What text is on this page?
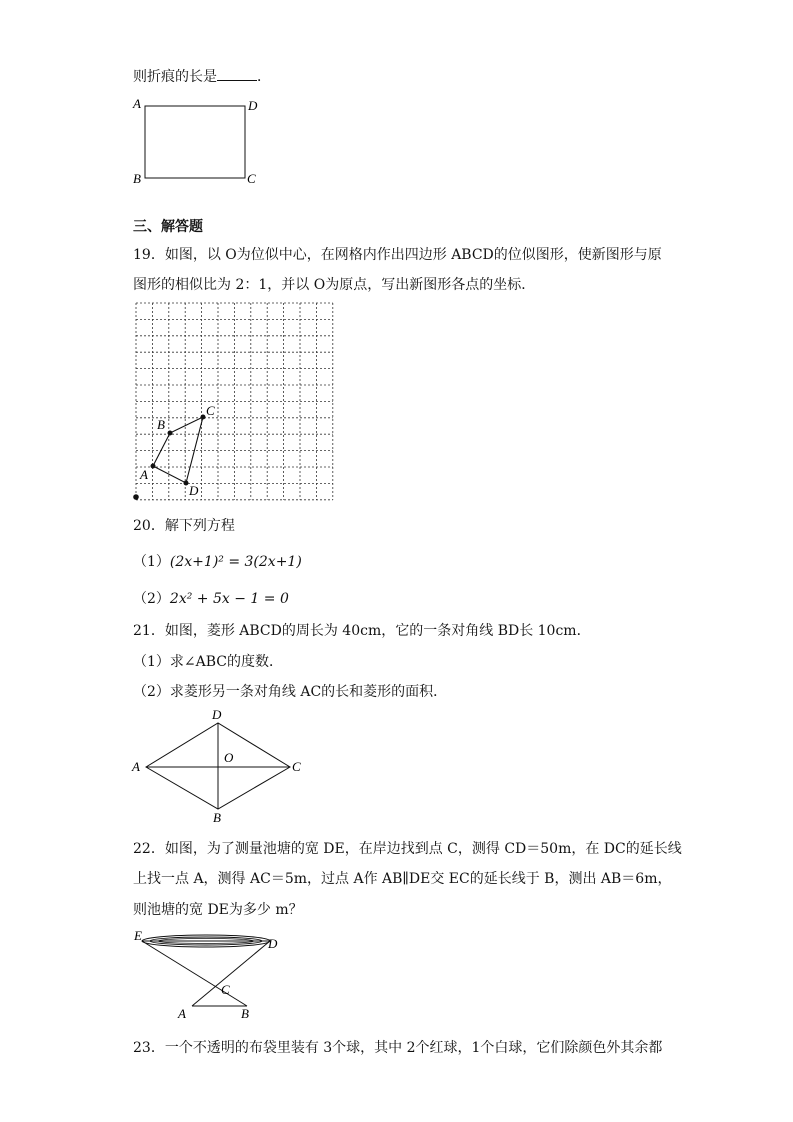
则折痕的长是	．
A	D
B	C
三、解答题
19．如图，以 O为位似中心，在网格内作出四边形 ABCD的位似图形，使新图形与原
图形的相似比为 2：1，并以 O为原点，写出新图形各点的坐标．
A
B
C
D
20．解下列方程
（1）(2x+1)² = 3(2x+1)
（2）2x² + 5x − 1 = 0
21．如图，菱形 ABCD的周长为 40cm，它的一条对角线 BD长 10cm．
（1）求∠ABC的度数．
（2）求菱形另一条对角线 AC的长和菱形的面积．
A
D
C
B
O
22．如图，为了测量池塘的宽 DE，在岸边找到点 C，测得 CD＝50m，在 DC的延长线
上找一点 A，测得 AC＝5m，过点 A作 AB∥DE交 EC的延长线于 B，测出 AB＝6m，
则池塘的宽 DE为多少 m？
E
D
C
A	B
23．一个不透明的布袋里装有 3个球，其中 2个红球，1个白球，它们除颜色外其余都
